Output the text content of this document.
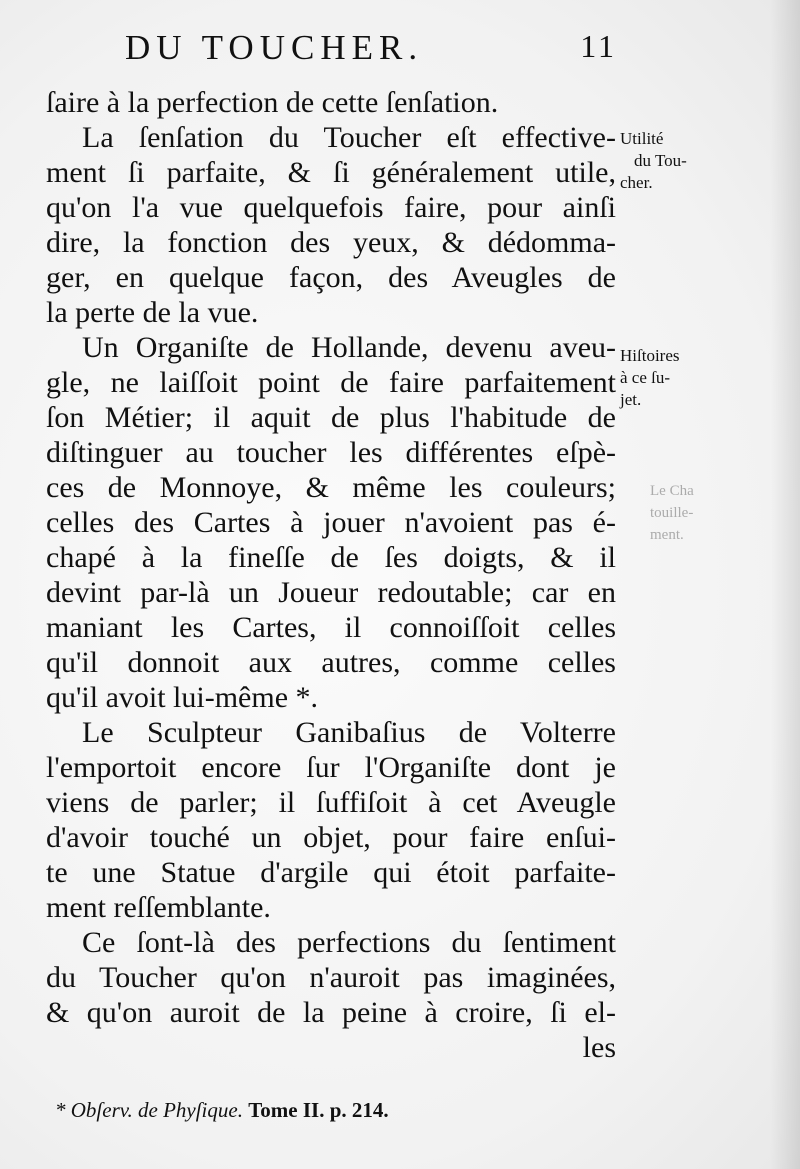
DU TOUCHER.	11
ſaire à la perfection de cette ſenſation.
La ſenſation du Toucher eſt effective-
ment ſi parfaite, & ſi généralement utile,
qu'on l'a vue quelquefois faire, pour ainſi
dire, la fonction des yeux, & dédomma-
ger, en quelque façon, des Aveugles de
la perte de la vue.
Un Organiſte de Hollande, devenu aveu-
gle, ne laiſſoit point de faire parfaitement
ſon Métier; il aquit de plus l'habitude de
diſtinguer au toucher les différentes eſpè-
ces de Monnoye, & même les couleurs;
celles des Cartes à jouer n'avoient pas é-
chapé à la fineſſe de ſes doigts, & il
devint par-là un Joueur redoutable; car en
maniant les Cartes, il connoiſſoit celles
qu'il donnoit aux autres, comme celles
qu'il avoit lui-même *.
Le Sculpteur Ganibaſius de Volterre
l'emportoit encore ſur l'Organiſte dont je
viens de parler; il ſuffiſoit à cet Aveugle
d'avoir touché un objet, pour faire enſui-
te une Statue d'argile qui étoit parfaite-
ment reſſemblante.
Ce ſont-là des perfections du ſentiment
du Toucher qu'on n'auroit pas imaginées,
& qu'on auroit de la peine à croire, ſi el-
les
Utilité
du Tou-
cher.
Hiſtoires
à ce ſu-
jet.
Le Cha
touille-
ment.
* Obſerv. de Phyſique. Tome II. p. 214.
